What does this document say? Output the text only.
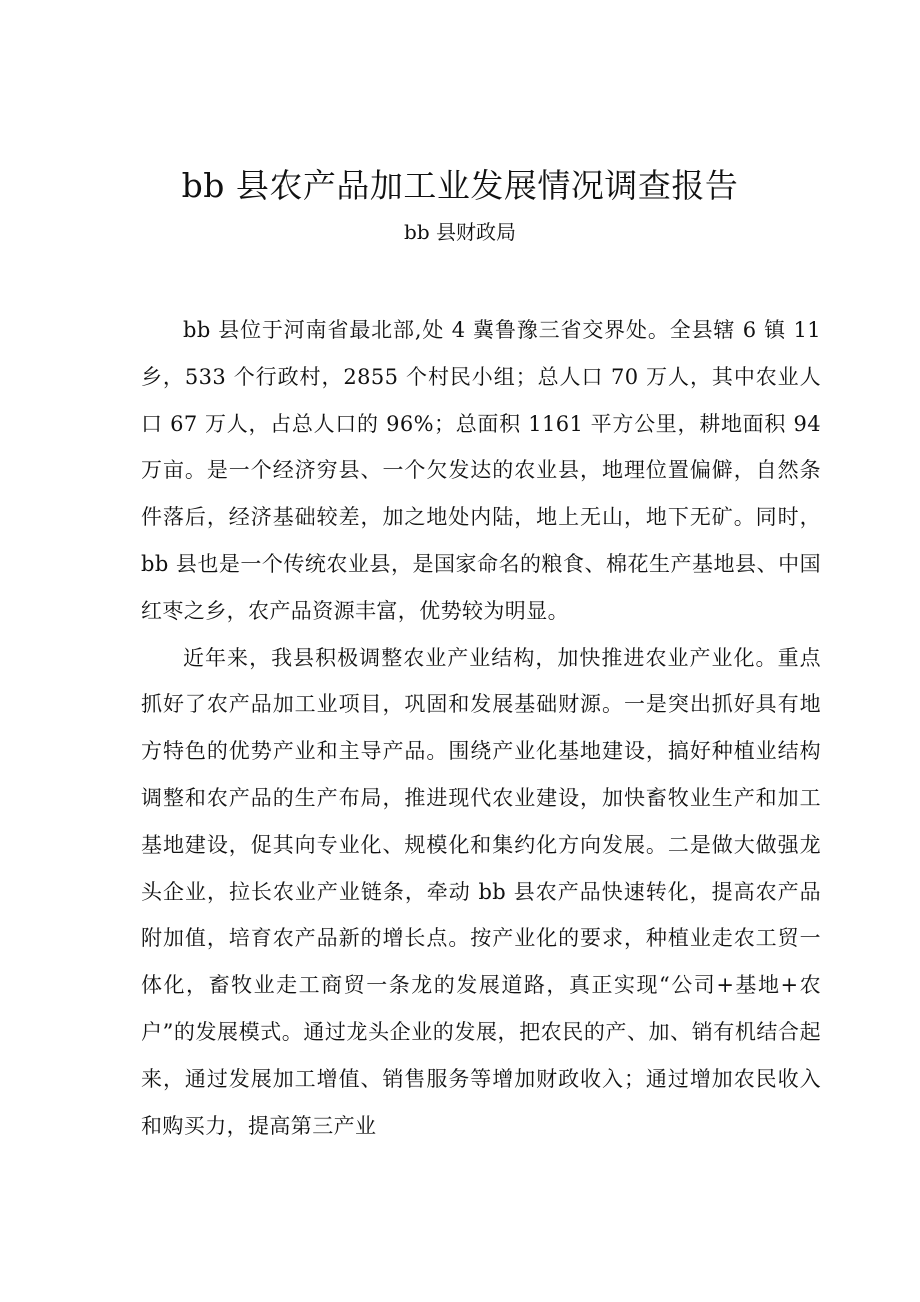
bb 县农产品加工业发展情况调查报告
bb 县财政局

bb 县位于河南省最北部,处 4 冀鲁豫三省交界处。全县辖 6 镇 11 乡，533 个行政村，2855 个村民小组；总人口 70 万人，其中农业人口 67 万人，占总人口的 96%；总面积 1161 平方公里，耕地面积 94 万亩。是一个经济穷县、一个欠发达的农业县，地理位置偏僻，自然条件落后，经济基础较差，加之地处内陆，地上无山，地下无矿。同时，bb 县也是一个传统农业县，是国家命名的粮食、棉花生产基地县、中国红枣之乡，农产品资源丰富，优势较为明显。

近年来，我县积极调整农业产业结构，加快推进农业产业化。重点抓好了农产品加工业项目，巩固和发展基础财源。一是突出抓好具有地方特色的优势产业和主导产品。围绕产业化基地建设，搞好种植业结构调整和农产品的生产布局，推进现代农业建设，加快畜牧业生产和加工基地建设，促其向专业化、规模化和集约化方向发展。二是做大做强龙头企业，拉长农业产业链条，牵动 bb 县农产品快速转化，提高农产品附加值，培育农产品新的增长点。按产业化的要求，种植业走农工贸一体化，畜牧业走工商贸一条龙的发展道路，真正实现“公司+基地+农户”的发展模式。通过龙头企业的发展，把农民的产、加、销有机结合起来，通过发展加工增值、销售服务等增加财政收入；通过增加农民收入和购买力，提高第三产业
